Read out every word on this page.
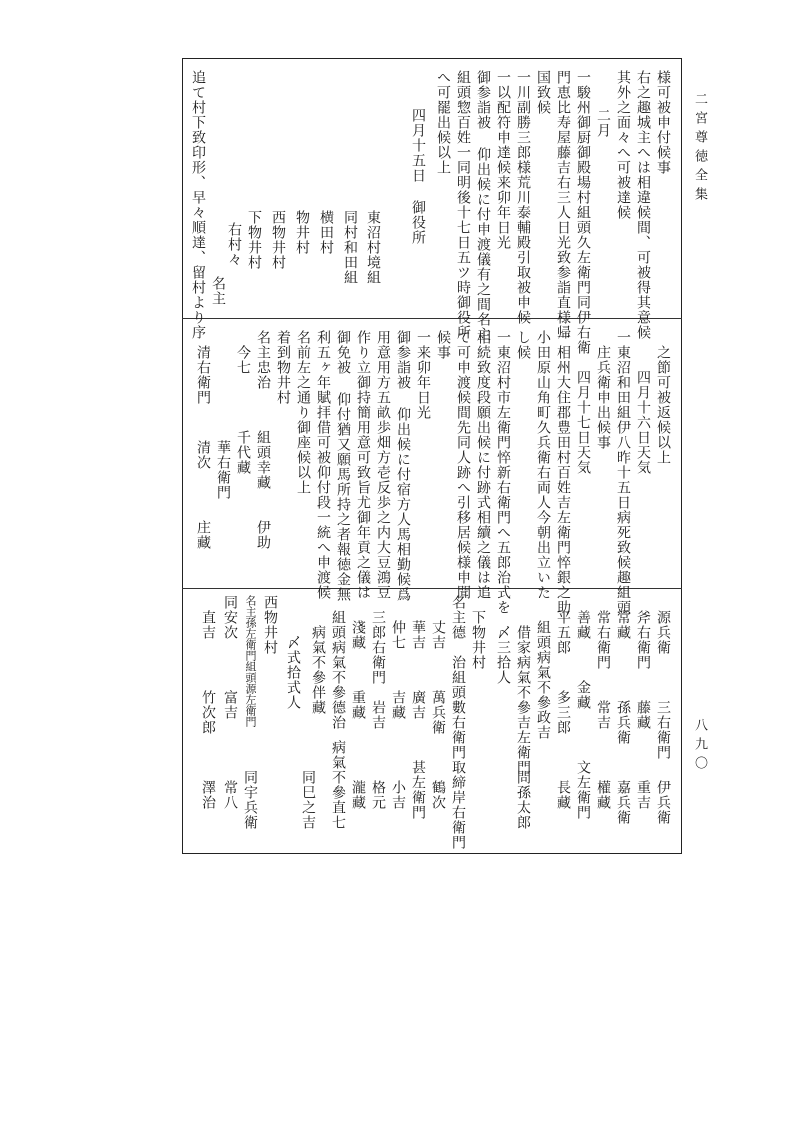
二宮尊徳全集
八九〇
様可被申付候事
右之趣城主へは相違候間、可被得其意候
其外之面々へ可被達候
二月
一駿州御厨御殿場村組頭久左衛門同伊右衛
門恵比寿屋藤吉右三人日光致参詣直様帰
国致候
一川副勝三郎様荒川泰輔殿引取被申候
一以配符申達候来卯年日光
御参詣被 仰出候に付申渡儀有之間名主
組頭惣百姓一同明後十七日五ツ時御役所
へ可罷出候以上
四月十五日
御役所
東沼村境組
同村和田組
横田村
物井村
西物井村
下物井村
右村々
名主
追て村下致印形、早々順達、留村より序
之節可被返候以上
四月十六日天気
一東沼和田組伊八昨十五日病死致候趣組頭
庄兵衛申出候事
四月十七日天気
一相州大住郡豊田村百姓吉左衛門悴銀之助
小田原山角町久兵衛右両人今朝出立いた
し候
一東沼村市左衛門悴新右衛門へ五郎治式を
相続致度段願出候に付跡式相續之儀は追
て可申渡候間先同人跡へ引移居候様申聞
候事
一来卯年日光
御参詣被 仰出候に付宿方人馬相勤候爲
用意用方五畝歩畑方壱反歩之内大豆鴻豆
作り立御持簡用意可致旨尤御年貢之儀は
御免被 仰付猶又願馬所持之者報徳金無
利五ヶ年賦拝借可被仰付段一統へ申渡候
名前左之通り御座候以上
着到物井村
名主忠治
組頭幸藏
伊助
今七
千代藏
華右衛門
清右衛門
清次
庄藏
源兵衛
三右衛門
伊兵衛
斧右衛門
藤藏
重吉
常藏
孫兵衛
嘉兵衛
常右衛門
常吉
權藏
善藏
金藏
文左衛門
平五郎
多三郎
長藏
組頭病氣不參政吉
借家病氣不參吉左衛門
問孫太郎
〆三拾人
下物井村
名主德
治組頭數右衛門
取締岸右衛門
丈吉
萬兵衛
鶴次
華吉
廣吉
甚左衛門
仲七
吉藏
小吉
三郎右衛門
岩吉
格元
淺藏
重藏
瀧藏
組頭病氣不參德治
病氣不參直七
病氣不參伴藏
同巳之吉
〆式拾式人
西物井村
名主孫左衛門組頭源左衛門
同宇兵衛
同安次
富吉
常八
直吉
竹次郎
澤治
